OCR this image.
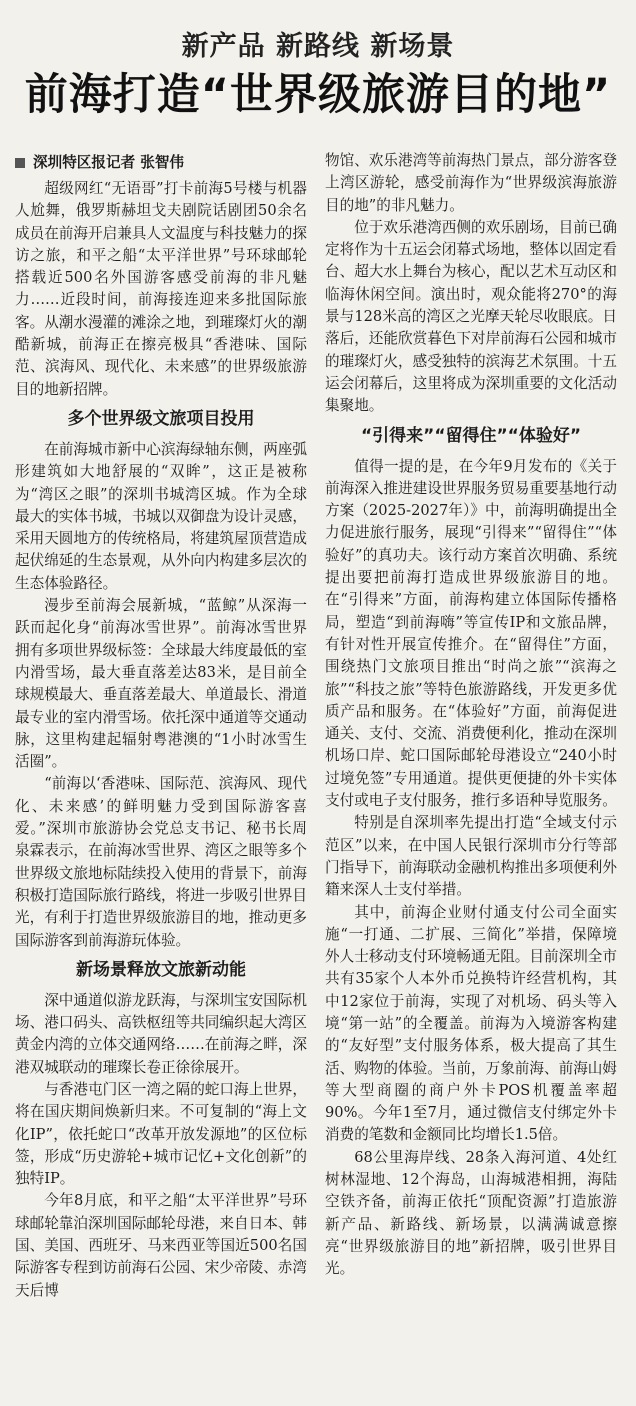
新产品 新路线 新场景
前海打造“世界级旅游目的地”
深圳特区报记者 张智伟

超级网红“无语哥”打卡前海5号楼与机器人尬舞，俄罗斯赫坦戈夫剧院话剧团50余名成员在前海开启兼具人文温度与科技魅力的探访之旅，和平之船“太平洋世界”号环球邮轮搭载近500名外国游客感受前海的非凡魅力……近段时间，前海接连迎来多批国际旅客。从潮水漫灌的滩涂之地，到璀璨灯火的潮酷新城，前海正在擦亮极具“香港味、国际范、滨海风、现代化、未来感”的世界级旅游目的地新招牌。

多个世界级文旅项目投用

在前海城市新中心滨海绿轴东侧，两座弧形建筑如大地舒展的“双眸”，这正是被称为“湾区之眼”的深圳书城湾区城。作为全球最大的实体书城，书城以双御盘为设计灵感，采用天圆地方的传统格局，将建筑屋顶营造成起伏绵延的生态景观，从外向内构建多层次的生态体验路径。

漫步至前海会展新城，“蓝鲸”从深海一跃而起化身“前海冰雪世界”。前海冰雪世界拥有多项世界级标签：全球最大纬度最低的室内滑雪场，最大垂直落差达83米，是目前全球规模最大、垂直落差最大、单道最长、滑道最专业的室内滑雪场。依托深中通道等交通动脉，这里构建起辐射粤港澳的“1小时冰雪生活圈”。

“前海以‘香港味、国际范、滨海风、现代化、未来感’的鲜明魅力受到国际游客喜爱。”深圳市旅游协会党总支书记、秘书长周泉霖表示，在前海冰雪世界、湾区之眼等多个世界级文旅地标陆续投入使用的背景下，前海积极打造国际旅行路线，将进一步吸引世界目光，有利于打造世界级旅游目的地，推动更多国际游客到前海游玩体验。

新场景释放文旅新动能

深中通道似游龙跃海，与深圳宝安国际机场、港口码头、高铁枢纽等共同编织起大湾区黄金内湾的立体交通网络……在前海之畔，深港双城联动的璀璨长卷正徐徐展开。

与香港屯门区一湾之隔的蛇口海上世界，将在国庆期间焕新归来。不可复制的“海上文化IP”，依托蛇口“改革开放发源地”的区位标签，形成“历史游轮+城市记忆+文化创新”的独特IP。

今年8月底，和平之船“太平洋世界”号环球邮轮靠泊深圳国际邮轮母港，来自日本、韩国、美国、西班牙、马来西亚等国近500名国际游客专程到访前海石公园、宋少帝陵、赤湾天后博

物馆、欢乐港湾等前海热门景点，部分游客登上湾区游轮，感受前海作为“世界级滨海旅游目的地”的非凡魅力。

位于欢乐港湾西侧的欢乐剧场，目前已确定将作为十五运会闭幕式场地，整体以固定看台、超大水上舞台为核心，配以艺术互动区和临海休闲空间。演出时，观众能将270°的海景与128米高的湾区之光摩天轮尽收眼底。日落后，还能欣赏暮色下对岸前海石公园和城市的璀璨灯火，感受独特的滨海艺术氛围。十五运会闭幕后，这里将成为深圳重要的文化活动集聚地。

“引得来”“留得住”“体验好”

值得一提的是，在今年9月发布的《关于前海深入推进建设世界服务贸易重要基地行动方案（2025-2027年）》中，前海明确提出全力促进旅行服务，展现“引得来”“留得住”“体验好”的真功夫。该行动方案首次明确、系统提出要把前海打造成世界级旅游目的地。在“引得来”方面，前海构建立体国际传播格局，塑造“到前海嗨”等宣传IP和文旅品牌，有针对性开展宣传推介。在“留得住”方面，围绕热门文旅项目推出“时尚之旅”“滨海之旅”“科技之旅”等特色旅游路线，开发更多优质产品和服务。在“体验好”方面，前海促进通关、支付、交流、消费便利化，推动在深圳机场口岸、蛇口国际邮轮母港设立“240小时过境免签”专用通道。提供更便捷的外卡实体支付或电子支付服务，推行多语种导览服务。

特别是自深圳率先提出打造“全域支付示范区”以来，在中国人民银行深圳市分行等部门指导下，前海联动金融机构推出多项便利外籍来深人士支付举措。

其中，前海企业财付通支付公司全面实施“一打通、二扩展、三简化”举措，保障境外人士移动支付环境畅通无阻。目前深圳全市共有35家个人本外币兑换特许经营机构，其中12家位于前海，实现了对机场、码头等入境“第一站”的全覆盖。前海为入境游客构建的“友好型”支付服务体系，极大提高了其生活、购物的体验。当前，万象前海、前海山姆等大型商圈的商户外卡POS机覆盖率超90%。今年1至7月，通过微信支付绑定外卡消费的笔数和金额同比均增长1.5倍。

68公里海岸线、28条入海河道、4处红树林湿地、12个海岛，山海城港相拥，海陆空铁齐备，前海正依托“顶配资源”打造旅游新产品、新路线、新场景，以满满诚意擦亮“世界级旅游目的地”新招牌，吸引世界目光。
